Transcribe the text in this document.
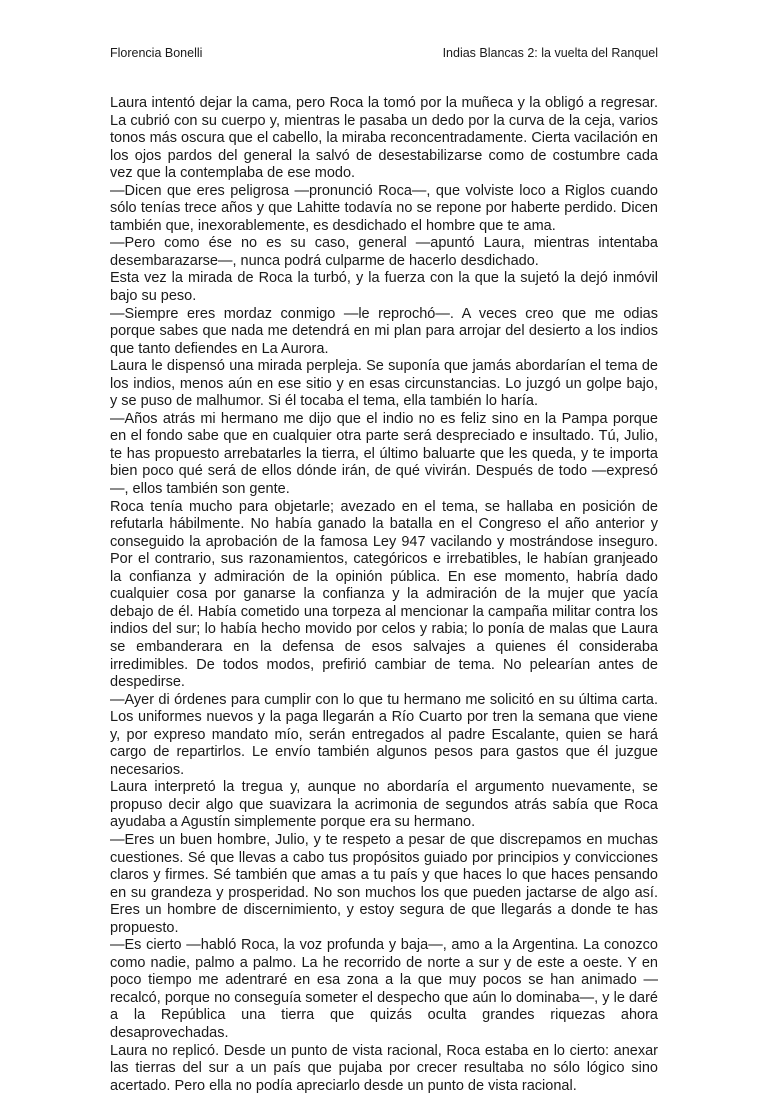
Florencia Bonelli	Indias Blancas 2: la vuelta del Ranquel

Laura intentó dejar la cama, pero Roca la tomó por la muñeca y la obligó a regresar. La cubrió con su cuerpo y, mientras le pasaba un dedo por la curva de la ceja, varios tonos más oscura que el cabello, la miraba reconcentradamente. Cierta vacilación en los ojos pardos del general la salvó de desestabilizarse como de costumbre cada vez que la contemplaba de ese modo.

—Dicen que eres peligrosa —pronunció Roca—, que volviste loco a Riglos cuando sólo tenías trece años y que Lahitte todavía no se repone por haberte perdido. Dicen también que, inexorablemente, es desdichado el hombre que te ama.

—Pero como ése no es su caso, general —apuntó Laura, mientras intentaba desembarazarse—, nunca podrá culparme de hacerlo desdichado.

Esta vez la mirada de Roca la turbó, y la fuerza con la que la sujetó la dejó inmóvil bajo su peso.

—Siempre eres mordaz conmigo —le reprochó—. A veces creo que me odias porque sabes que nada me detendrá en mi plan para arrojar del desierto a los indios que tanto defiendes en La Aurora.

Laura le dispensó una mirada perpleja. Se suponía que jamás abordarían el tema de los indios, menos aún en ese sitio y en esas circunstancias. Lo juzgó un golpe bajo, y se puso de malhumor. Si él tocaba el tema, ella también lo haría.

—Años atrás mi hermano me dijo que el indio no es feliz sino en la Pampa porque en el fondo sabe que en cualquier otra parte será despreciado e insultado. Tú, Julio, te has propuesto arrebatarles la tierra, el último baluarte que les queda, y te importa bien poco qué será de ellos dónde irán, de qué vivirán. Después de todo —expresó—, ellos también son gente.

Roca tenía mucho para objetarle; avezado en el tema, se hallaba en posición de refutarla hábilmente. No había ganado la batalla en el Congreso el año anterior y conseguido la aprobación de la famosa Ley 947 vacilando y mostrándose inseguro. Por el contrario, sus razonamientos, categóricos e irrebatibles, le habían granjeado la confianza y admiración de la opinión pública. En ese momento, habría dado cualquier cosa por ganarse la confianza y la admiración de la mujer que yacía debajo de él. Había cometido una torpeza al mencionar la campaña militar contra los indios del sur; lo había hecho movido por celos y rabia; lo ponía de malas que Laura se embanderara en la defensa de esos salvajes a quienes él consideraba irredimibles. De todos modos, prefirió cambiar de tema. No pelearían antes de despedirse.

—Ayer di órdenes para cumplir con lo que tu hermano me solicitó en su última carta. Los uniformes nuevos y la paga llegarán a Río Cuarto por tren la semana que viene y, por expreso mandato mío, serán entregados al padre Escalante, quien se hará cargo de repartirlos. Le envío también algunos pesos para gastos que él juzgue necesarios.

Laura interpretó la tregua y, aunque no abordaría el argumento nuevamente, se propuso decir algo que suavizara la acrimonia de segundos atrás sabía que Roca ayudaba a Agustín simplemente porque era su hermano.

—Eres un buen hombre, Julio, y te respeto a pesar de que discrepamos en muchas cuestiones. Sé que llevas a cabo tus propósitos guiado por principios y convicciones claros y firmes. Sé también que amas a tu país y que haces lo que haces pensando en su grandeza y prosperidad. No son muchos los que pueden jactarse de algo así. Eres un hombre de discernimiento, y estoy segura de que llegarás a donde te has propuesto.

—Es cierto —habló Roca, la voz profunda y baja—, amo a la Argentina. La conozco como nadie, palmo a palmo. La he recorrido de norte a sur y de este a oeste. Y en poco tiempo me adentraré en esa zona a la que muy pocos se han animado —recalcó, porque no conseguía someter el despecho que aún lo dominaba—, y le daré a la República una tierra que quizás oculta grandes riquezas ahora desaprovechadas.

Laura no replicó. Desde un punto de vista racional, Roca estaba en lo cierto: anexar las tierras del sur a un país que pujaba por crecer resultaba no sólo lógico sino acertado. Pero ella no podía apreciarlo desde un punto de vista racional.
